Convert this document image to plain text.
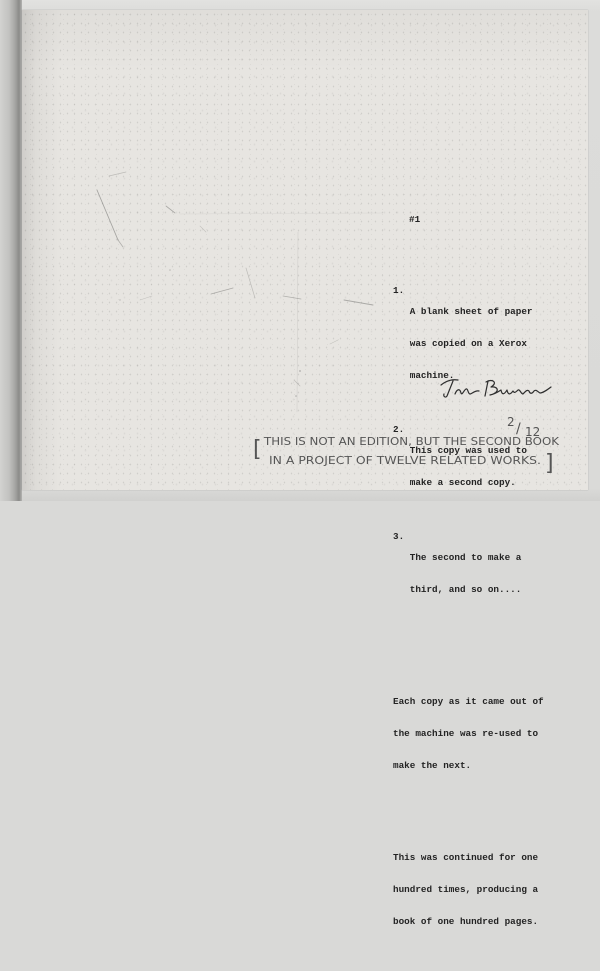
#1

1.

A blank sheet of paper

was copied on a Xerox

machine.

2.

This copy was used to

make a second copy.

3.

The second to make a

third, and so on....

Each copy as it came out of

the machine was re-used to

make the next.

This was continued for one

hundred times, producing a

book of one hundred pages.

2 / 12
[ THIS IS NOT AN EDITION, BUT THE SECOND BOOK
IN A PROJECT OF TWELVE RELATED WORKS. ]
